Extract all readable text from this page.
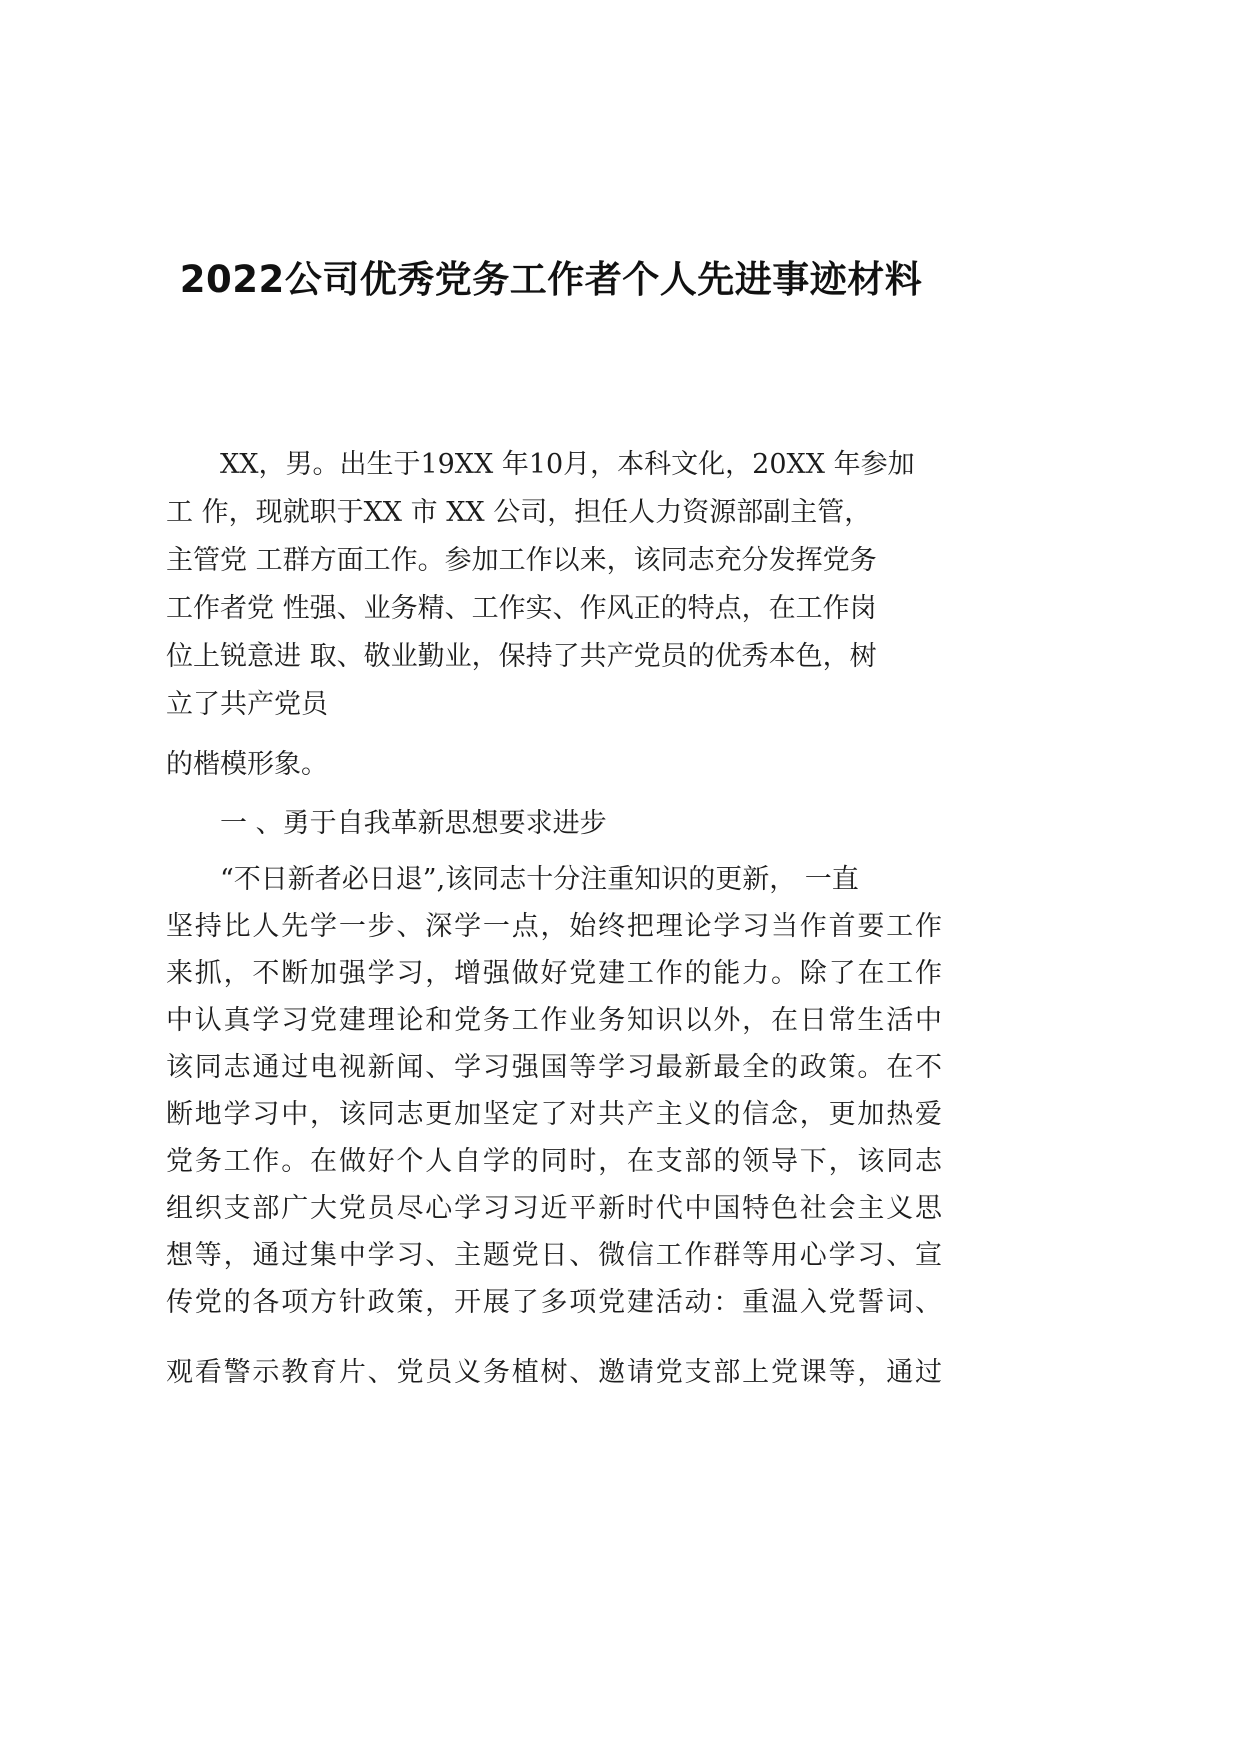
2022公司优秀党务工作者个人先进事迹材料
XX，男。出生于19XX 年10月，本科文化，20XX 年参加
工 作，现就职于XX 市 XX 公司，担任人力资源部副主管，
主管党 工群方面工作。参加工作以来，该同志充分发挥党务
工作者党 性强、业务精、工作实、作风正的特点，在工作岗
位上锐意进 取、敬业勤业，保持了共产党员的优秀本色，树
立了共产党员
的楷模形象。
一 、勇于自我革新思想要求进步
“不日新者必日退”,该同志十分注重知识的更新， 一直
坚持比人先学一步、深学一点，始终把理论学习当作首要工作
来抓，不断加强学习，增强做好党建工作的能力。除了在工作
中认真学习党建理论和党务工作业务知识以外，在日常生活中
该同志通过电视新闻、学习强国等学习最新最全的政策。在不
断地学习中，该同志更加坚定了对共产主义的信念，更加热爱
党务工作。在做好个人自学的同时，在支部的领导下，该同志
组织支部广大党员尽心学习习近平新时代中国特色社会主义思
想等，通过集中学习、主题党日、微信工作群等用心学习、宣
传党的各项方针政策，开展了多项党建活动：重温入党誓词、
观看警示教育片、党员义务植树、邀请党支部上党课等，通过
